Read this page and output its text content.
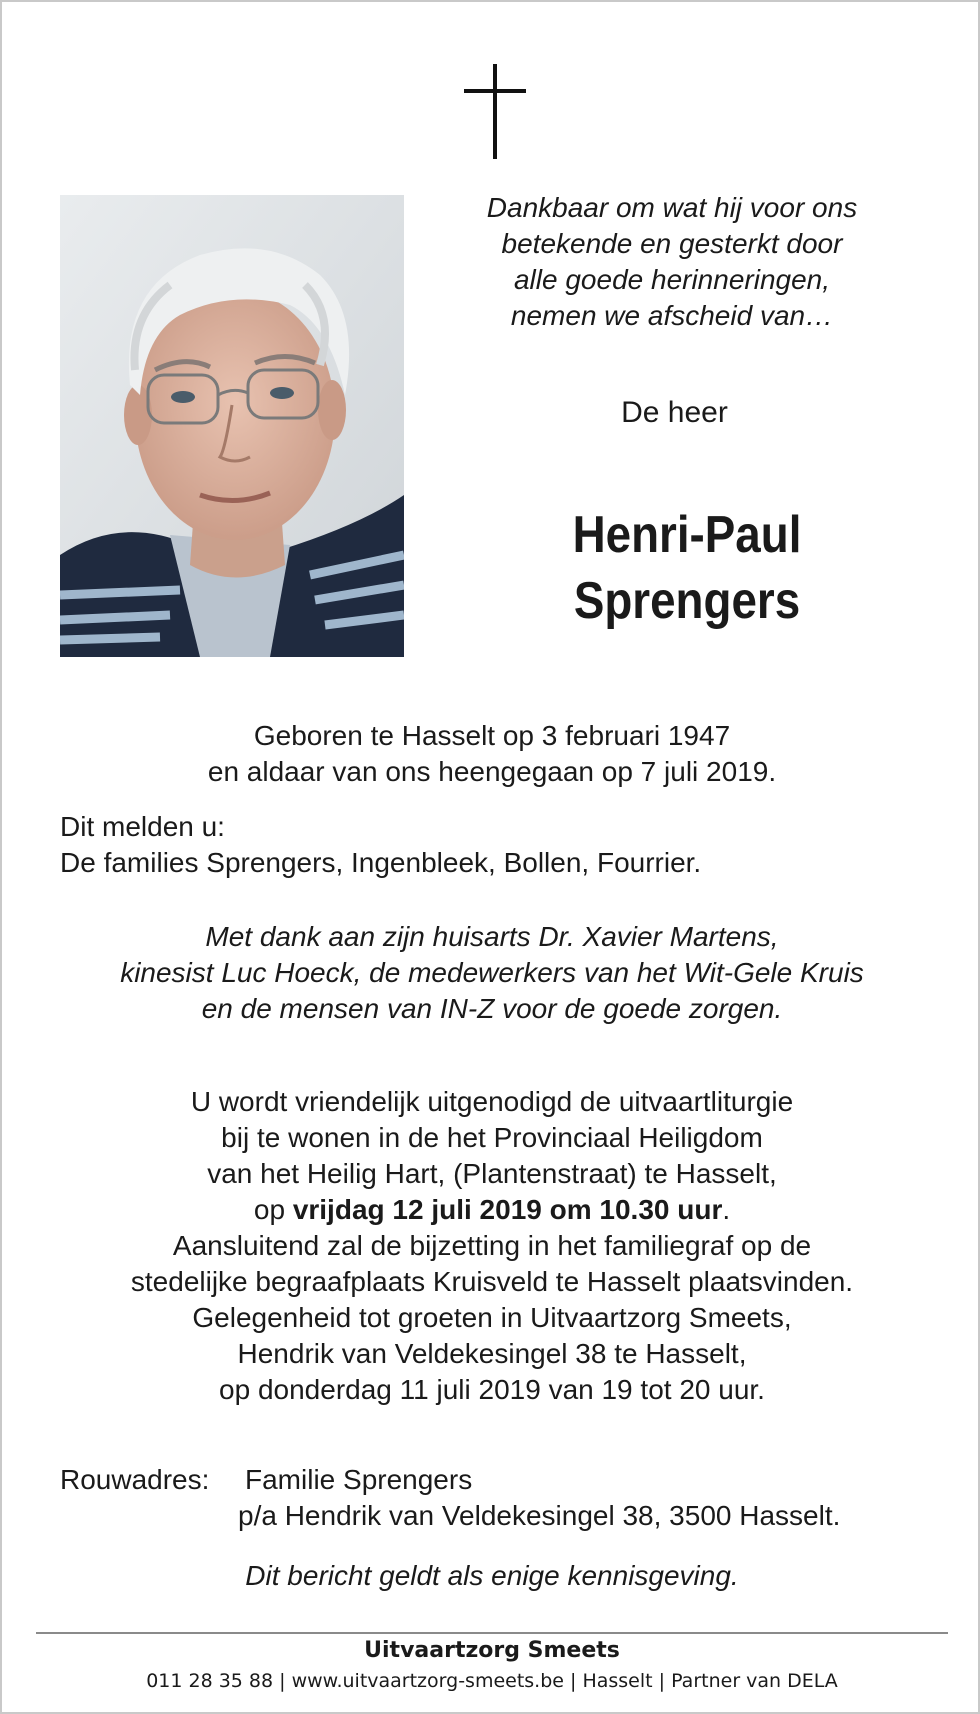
Dankbaar om wat hij voor ons
betekende en gesterkt door
alle goede herinneringen,
nemen we afscheid van…
De heer
Henri-Paul
Sprengers
Geboren te Hasselt op 3 februari 1947
en aldaar van ons heengegaan op 7 juli 2019.
Dit melden u:
De families Sprengers, Ingenbleek, Bollen, Fourrier.
Met dank aan zijn huisarts Dr. Xavier Martens,
kinesist Luc Hoeck, de medewerkers van het Wit-Gele Kruis
en de mensen van IN-Z voor de goede zorgen.
U wordt vriendelijk uitgenodigd de uitvaartliturgie
bij te wonen in de het Provinciaal Heiligdom
van het Heilig Hart, (Plantenstraat) te Hasselt,
op vrijdag 12 juli 2019 om 10.30 uur.
Aansluitend zal de bijzetting in het familiegraf op de
stedelijke begraafplaats Kruisveld te Hasselt plaatsvinden.
Gelegenheid tot groeten in Uitvaartzorg Smeets,
Hendrik van Veldekesingel 38 te Hasselt,
op donderdag 11 juli 2019 van 19 tot 20 uur.
Rouwadres: Familie Sprengers
p/a Hendrik van Veldekesingel 38, 3500 Hasselt.
Dit bericht geldt als enige kennisgeving.
Uitvaartzorg Smeets
011 28 35 88 | www.uitvaartzorg-smeets.be | Hasselt | Partner van DELA
